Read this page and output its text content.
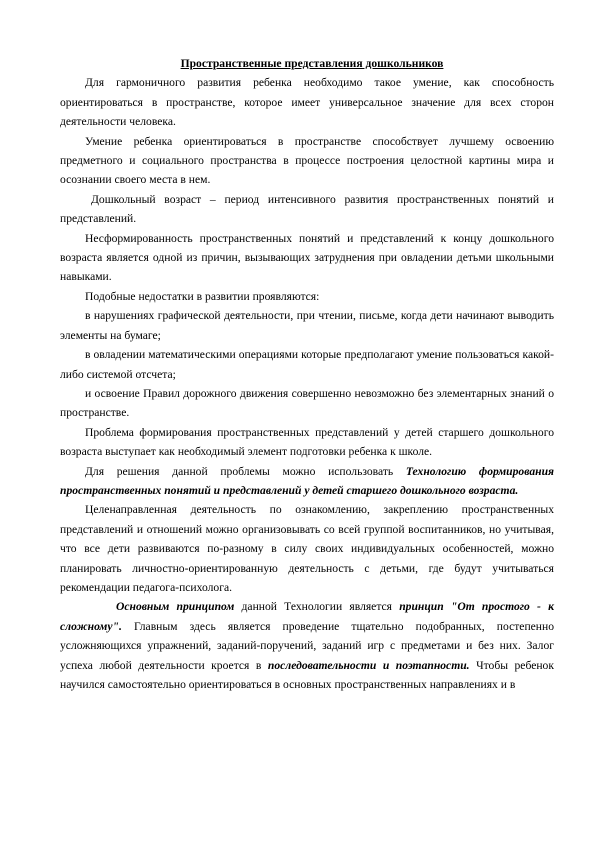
Пространственные представления дошкольников

Для гармоничного развития ребенка необходимо такое умение, как способность ориентироваться в пространстве, которое имеет универсальное значение для всех сторон деятельности человека.

Умение ребенка ориентироваться в пространстве способствует лучшему освоению предметного и социального пространства в процессе построения целостной картины мира и осознании своего места в нем.

Дошкольный возраст – период интенсивного развития пространственных понятий и представлений.

Несформированность пространственных понятий и представлений к концу дошкольного возраста является одной из причин, вызывающих затруднения при овладении детьми школьными навыками.

Подобные недостатки в развитии проявляются:

в нарушениях графической деятельности, при чтении, письме, когда дети начинают выводить элементы на бумаге;

в овладении математическими операциями которые предполагают умение пользоваться какой-либо системой отсчета;

и освоение Правил дорожного движения совершенно невозможно без элементарных знаний о пространстве.

Проблема формирования пространственных представлений у детей старшего дошкольного возраста выступает как необходимый элемент подготовки ребенка к школе.

Для решения данной проблемы можно использовать Технологию формирования пространственных понятий и представлений у детей старшего дошкольного возраста.

Целенаправленная деятельность по ознакомлению, закреплению пространственных представлений и отношений можно организовывать со всей группой воспитанников, но учитывая, что все дети развиваются по-разному в силу своих индивидуальных особенностей, можно планировать личностно-ориентированную деятельность с детьми, где будут учитываться рекомендации педагога-психолога.

Основным принципом данной Технологии является принцип "От простого - к сложному". Главным здесь является проведение тщательно подобранных, постепенно усложняющихся упражнений, заданий-поручений, заданий игр с предметами и без них. Залог успеха любой деятельности кроется в последовательности и поэтапности. Чтобы ребенок научился самостоятельно ориентироваться в основных пространственных направлениях и в
